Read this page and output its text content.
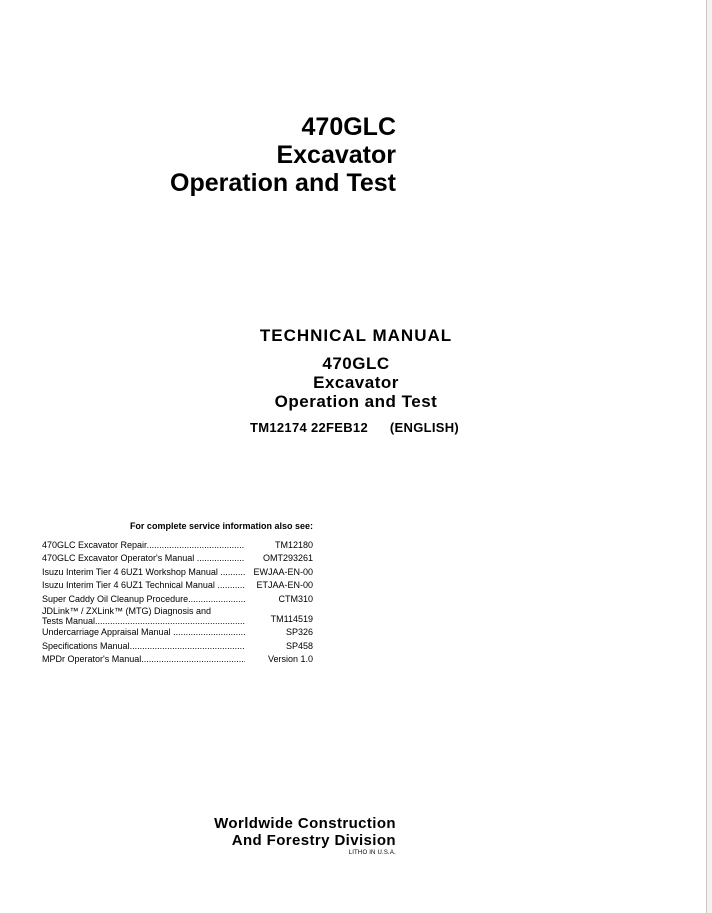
470GLC
Excavator
Operation and Test
TECHNICAL MANUAL
470GLC
Excavator
Operation and Test
TM12174 22FEB12 (ENGLISH)
For complete service information also see:
470GLC Excavator Repair .....	TM12180
470GLC Excavator Operator's Manual .....	OMT293261
Isuzu Interim Tier 4 6UZ1 Workshop Manual .....	EWJAA-EN-00
Isuzu Interim Tier 4 6UZ1 Technical Manual .....	ETJAA-EN-00
Super Caddy Oil Cleanup Procedure .....	CTM310
JDLink™ / ZXLink™ (MTG) Diagnosis and
Tests Manual .....	TM114519
Undercarriage Appraisal Manual .....	SP326
Specifications Manual .....	SP458
MPDr Operator's Manual .....	Version 1.0
Worldwide Construction
And Forestry Division
LITHO IN U.S.A.
